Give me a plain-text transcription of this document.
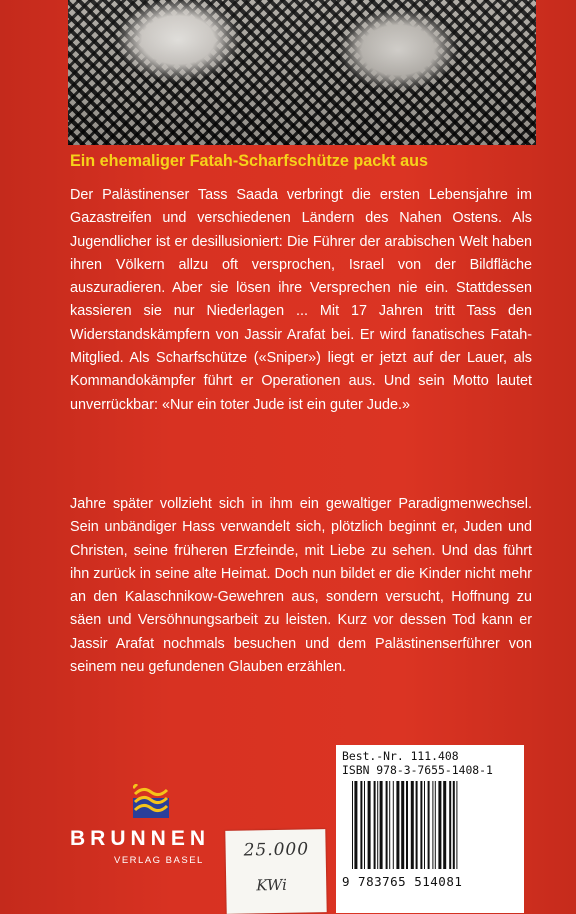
Ein ehemaliger Fatah-Scharfschütze packt aus

Der Palästinenser Tass Saada verbringt die ersten Lebensjahre im Gazastreifen und verschiedenen Ländern des Nahen Ostens. Als Jugendlicher ist er desillusioniert: Die Führer der arabischen Welt haben ihren Völkern allzu oft versprochen, Israel von der Bildfläche auszuradieren. Aber sie lösen ihre Versprechen nie ein. Stattdessen kassieren sie nur Niederlagen ... Mit 17 Jahren tritt Tass den Widerstandskämpfern von Jassir Arafat bei. Er wird fanatisches Fatah-Mitglied. Als Scharfschütze («Sniper») liegt er jetzt auf der Lauer, als Kommandokämpfer führt er Operationen aus. Und sein Motto lautet unverrückbar: «Nur ein toter Jude ist ein guter Jude.»

Jahre später vollzieht sich in ihm ein gewaltiger Paradigmenwechsel. Sein unbändiger Hass verwandelt sich, plötzlich beginnt er, Juden und Christen, seine früheren Erzfeinde, mit Liebe zu sehen. Und das führt ihn zurück in seine alte Heimat. Doch nun bildet er die Kinder nicht mehr an den Kalaschnikow-Gewehren aus, sondern versucht, Hoffnung zu säen und Versöhnungsarbeit zu leisten. Kurz vor dessen Tod kann er Jassir Arafat nochmals besuchen und dem Palästinenserführer von seinem neu gefundenen Glauben erzählen.

BRUNNEN
VERLAG BASEL 25.000
KWi
Best.-Nr. 111.408
ISBN 978-3-7655-1408-1
9 783765 514081
